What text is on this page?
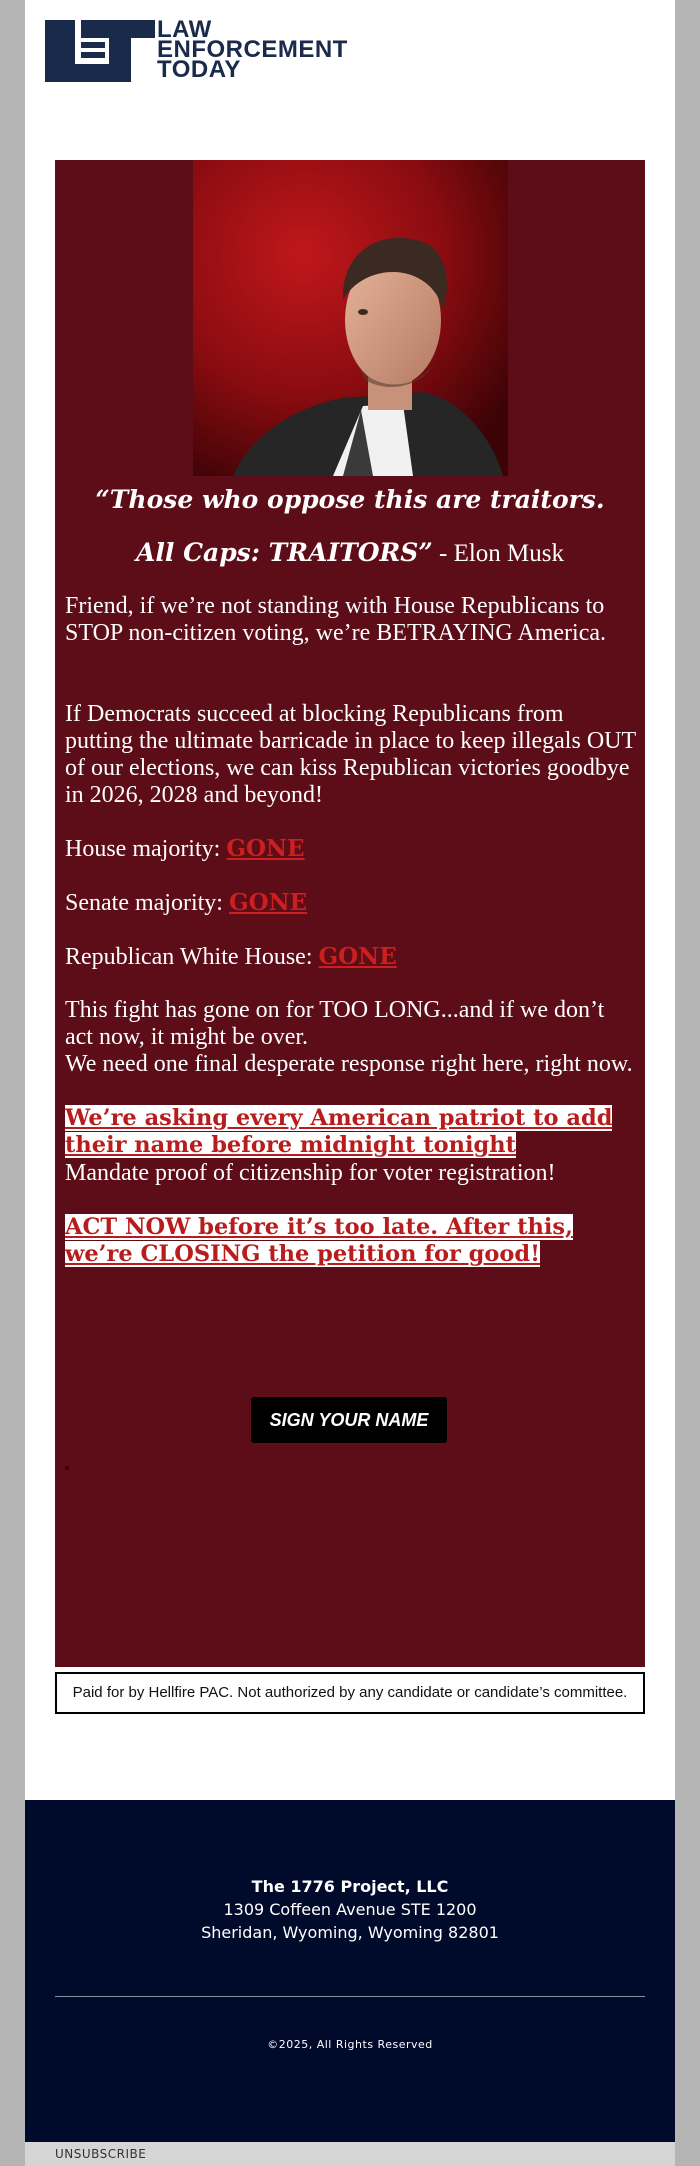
LAW
ENFORCEMENT
TODAY
“Those who oppose this are traitors.
All Caps: TRAITORS” - Elon Musk
Friend, if we’re not standing with House Republicans to STOP non-citizen voting, we’re BETRAYING America.
If Democrats succeed at blocking Republicans from putting the ultimate barricade in place to keep illegals OUT of our elections, we can kiss Republican victories goodbye in 2026, 2028 and beyond!
House majority: GONE
Senate majority: GONE
Republican White House: GONE
This fight has gone on for TOO LONG...and if we don’t act now, it might be over.
We need one final desperate response right here, right now.
We’re asking every American patriot to add their name before midnight tonight
Mandate proof of citizenship for voter registration!
ACT NOW before it’s too late. After this, we’re CLOSING the petition for good!
SIGN YOUR NAME
Paid for by Hellfire PAC. Not authorized by any candidate or candidate’s committee.
The 1776 Project, LLC
1309 Coffeen Avenue STE 1200
Sheridan, Wyoming, Wyoming 82801
©2025, All Rights Reserved
UNSUBSCRIBE
